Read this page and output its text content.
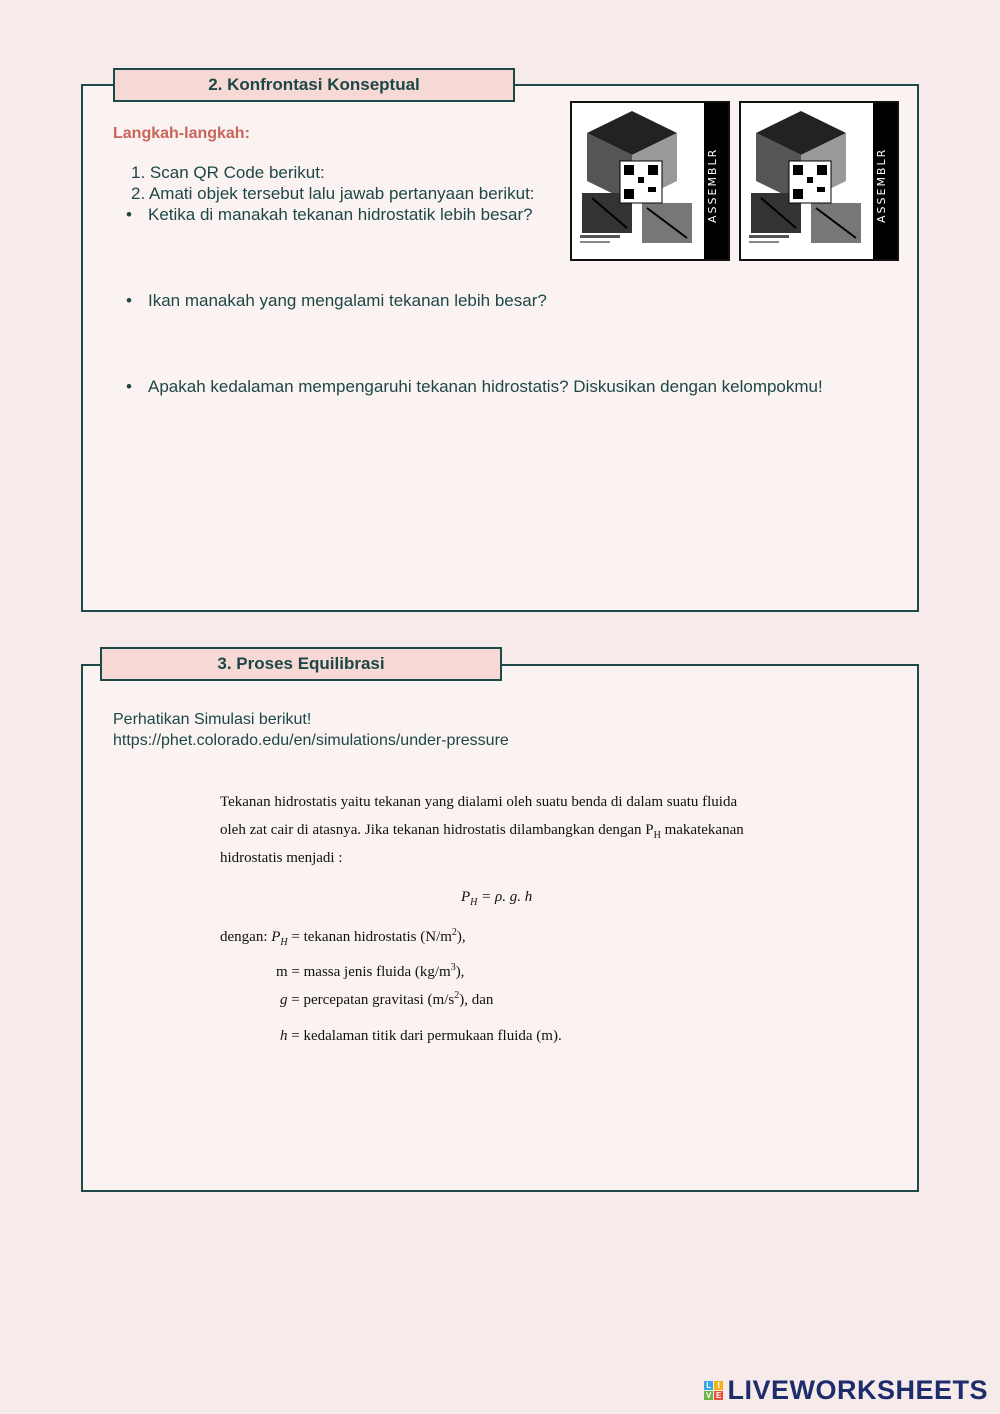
2. Konfrontasi Konseptual
Langkah-langkah:
1. Scan QR Code berikut:
2. Amati objek tersebut lalu jawab pertanyaan berikut:
• Ketika di manakah tekanan hidrostatik lebih besar?
• Ikan manakah yang mengalami tekanan lebih besar?
• Apakah kedalaman mempengaruhi tekanan hidrostatis? Diskusikan dengan kelompokmu!
ASSEMBLR	ASSEMBLR
3. Proses Equilibrasi
Perhatikan Simulasi berikut!
https://phet.colorado.edu/en/simulations/under-pressure
Tekanan hidrostatis yaitu tekanan yang dialami oleh suatu benda di dalam suatu fluida
oleh zat cair di atasnya. Jika tekanan hidrostatis dilambangkan dengan $P_H$ makatekanan
hidrostatis menjadi :
$P_H = \rho$. g. h
dengan: $P_H$ = tekanan hidrostatis $(N/m^2)$,
m = massa jenis fluida $(kg/m^3)$,
g = percepatan gravitasi $(m/s^2)$, dan
h = kedalaman titik dari permukaan fluida (m).
L I
V E LIVEWORKSHEETS
